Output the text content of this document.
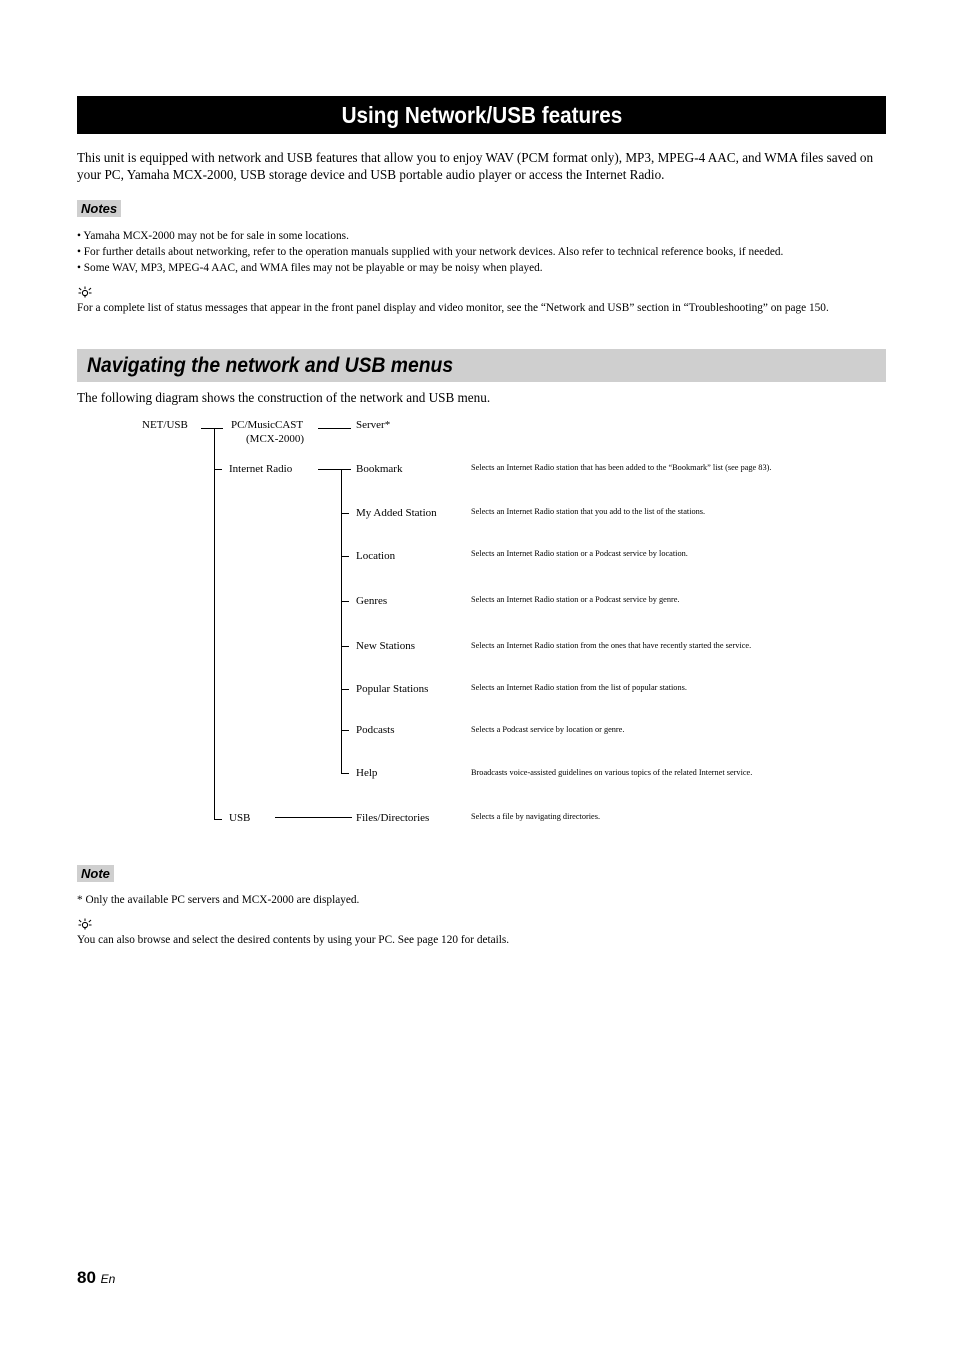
Using Network/USB features
This unit is equipped with network and USB features that allow you to enjoy WAV (PCM format only), MP3, MPEG-4 AAC, and WMA files saved on your PC, Yamaha MCX-2000, USB storage device and USB portable audio player or access the Internet Radio.
Notes
• Yamaha MCX-2000 may not be for sale in some locations.
• For further details about networking, refer to the operation manuals supplied with your network devices. Also refer to technical reference books, if needed.
• Some WAV, MP3, MPEG-4 AAC, and WMA files may not be playable or may be noisy when played.
For a complete list of status messages that appear in the front panel display and video monitor, see the “Network and USB” section in “Troubleshooting” on page 150.
Navigating the network and USB menus
The following diagram shows the construction of the network and USB menu.
NET/USB	PC/MusicCAST
(MCX-2000)
Internet Radio
USB
Server*
Bookmark	Selects an Internet Radio station that has been added to the “Bookmark” list (see page 83).
My Added Station	Selects an Internet Radio station that you add to the list of the stations.
Location	Selects an Internet Radio station or a Podcast service by location.
Genres	Selects an Internet Radio station or a Podcast service by genre.
New Stations	Selects an Internet Radio station from the ones that have recently started the service.
Popular Stations	Selects an Internet Radio station from the list of popular stations.
Podcasts	Selects a Podcast service by location or genre.
Help	Broadcasts voice-assisted guidelines on various topics of the related Internet service.
Files/Directories	Selects a file by navigating directories.
Note
* Only the available PC servers and MCX-2000 are displayed.
You can also browse and select the desired contents by using your PC. See page 120 for details.
80 En
